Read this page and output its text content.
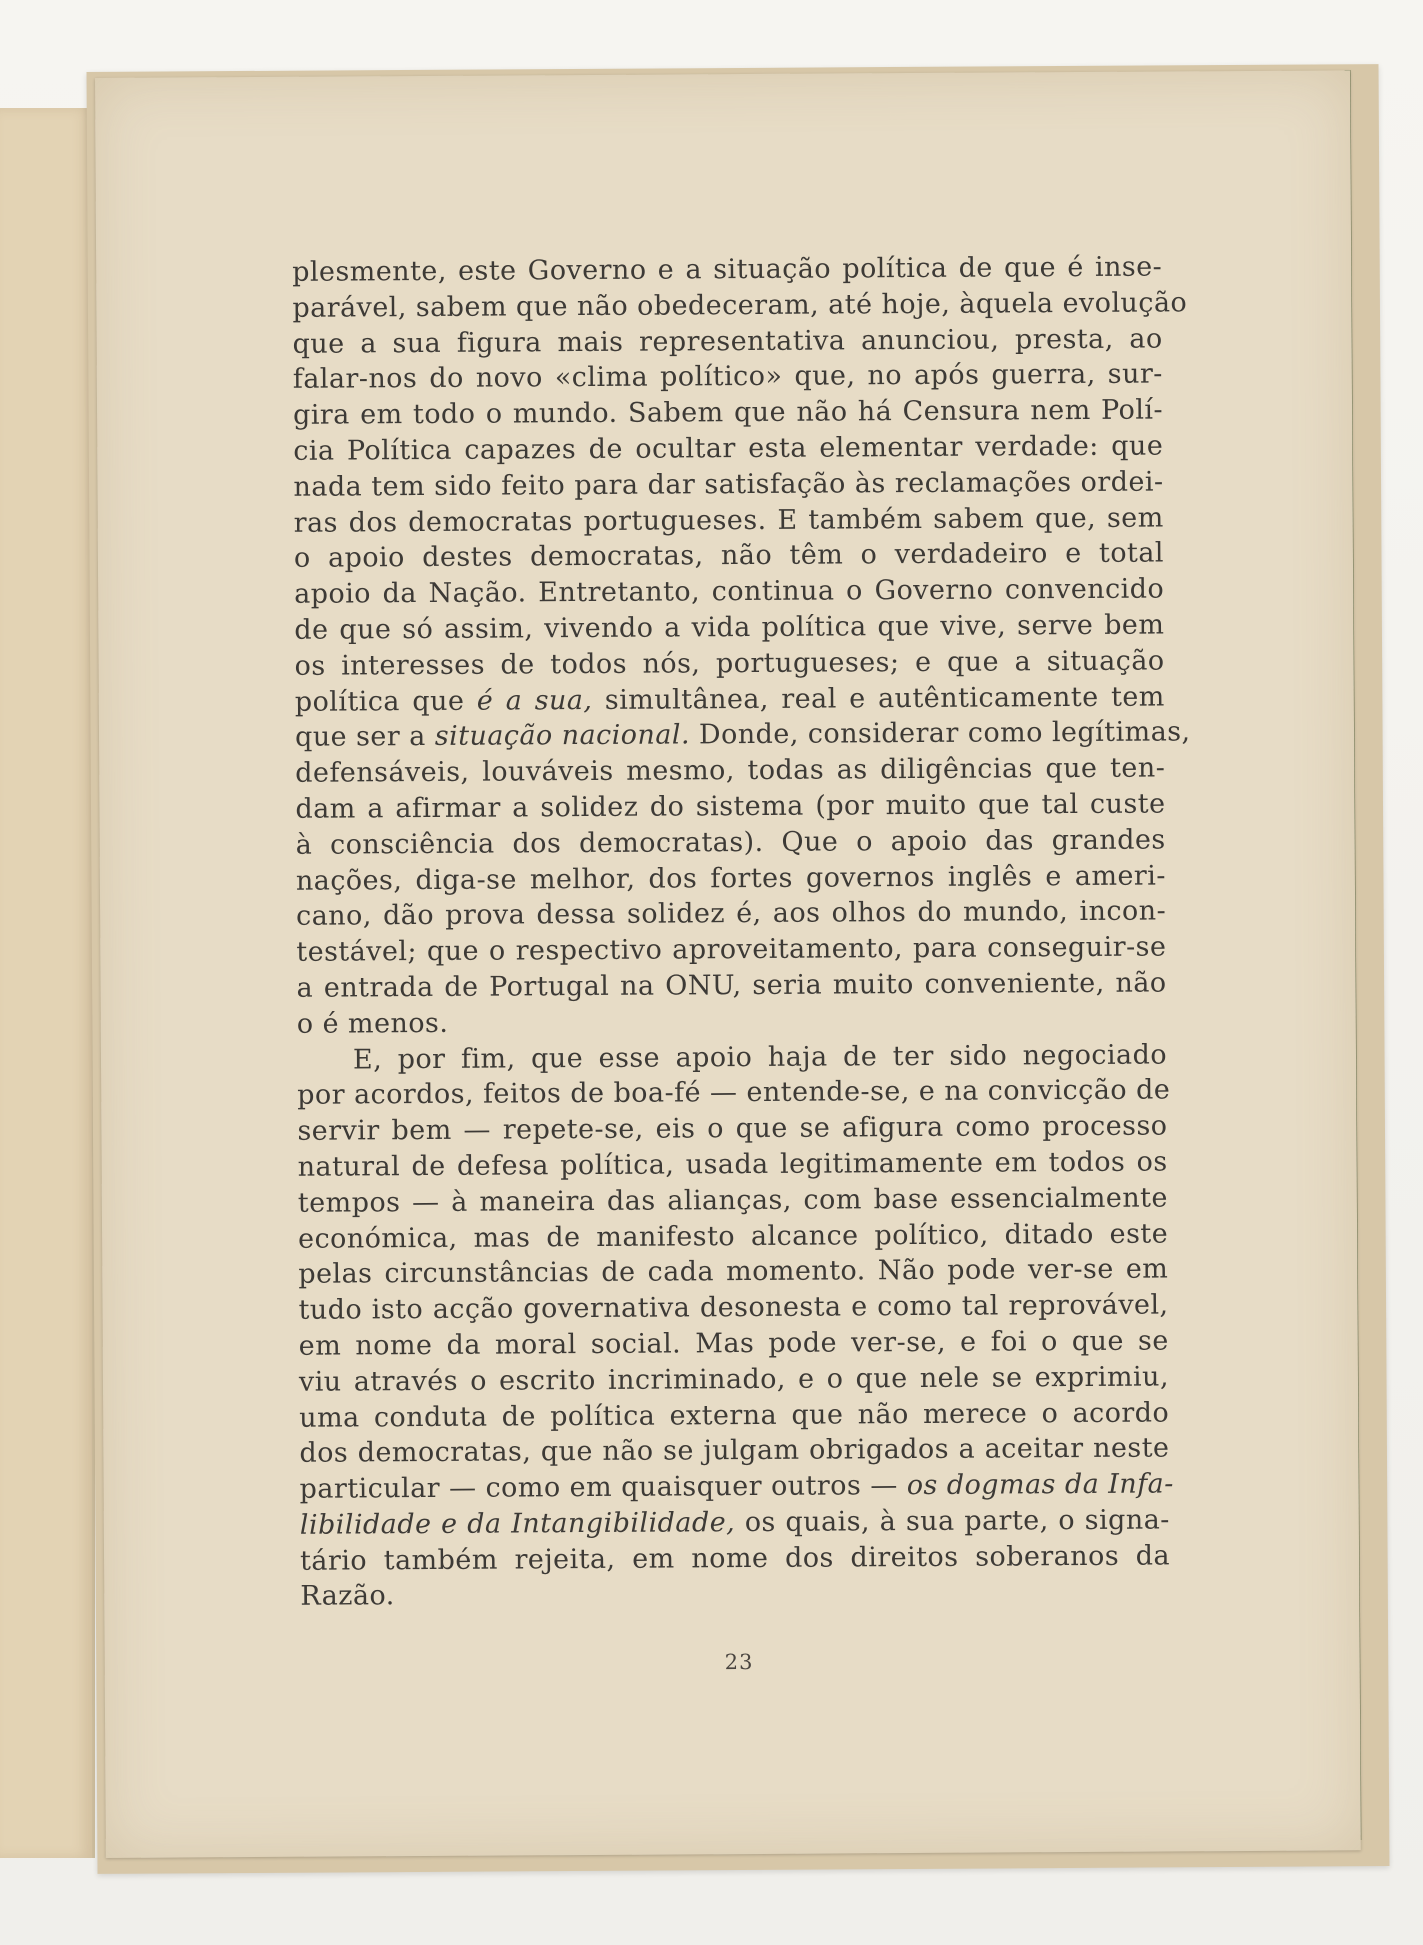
plesmente, este Governo e a situação política de que é inse-
parável, sabem que não obedeceram, até hoje, àquela evolução
que a sua figura mais representativa anunciou, presta, ao
falar-nos do novo «clima político» que, no após guerra, sur-
gira em todo o mundo. Sabem que não há Censura nem Polí-
cia Política capazes de ocultar esta elementar verdade: que
nada tem sido feito para dar satisfação às reclamações ordei-
ras dos democratas portugueses. E também sabem que, sem
o apoio destes democratas, não têm o verdadeiro e total
apoio da Nação. Entretanto, continua o Governo convencido
de que só assim, vivendo a vida política que vive, serve bem
os interesses de todos nós, portugueses; e que a situação
política que é a sua, simultânea, real e autênticamente tem
que ser a situação nacional. Donde, considerar como legítimas,
defensáveis, louváveis mesmo, todas as diligências que ten-
dam a afirmar a solidez do sistema (por muito que tal custe
à consciência dos democratas). Que o apoio das grandes
nações, diga-se melhor, dos fortes governos inglês e ameri-
cano, dão prova dessa solidez é, aos olhos do mundo, incon-
testável; que o respectivo aproveitamento, para conseguir-se
a entrada de Portugal na ONU, seria muito conveniente, não
o é menos.
E, por fim, que esse apoio haja de ter sido negociado
por acordos, feitos de boa-fé — entende-se, e na convicção de
servir bem — repete-se, eis o que se afigura como processo
natural de defesa política, usada legitimamente em todos os
tempos — à maneira das alianças, com base essencialmente
económica, mas de manifesto alcance político, ditado este
pelas circunstâncias de cada momento. Não pode ver-se em
tudo isto acção governativa desonesta e como tal reprovável,
em nome da moral social. Mas pode ver-se, e foi o que se
viu através o escrito incriminado, e o que nele se exprimiu,
uma conduta de política externa que não merece o acordo
dos democratas, que não se julgam obrigados a aceitar neste
particular — como em quaisquer outros — os dogmas da Infa-
libilidade e da Intangibilidade, os quais, à sua parte, o signa-
tário também rejeita, em nome dos direitos soberanos da
Razão.
23
